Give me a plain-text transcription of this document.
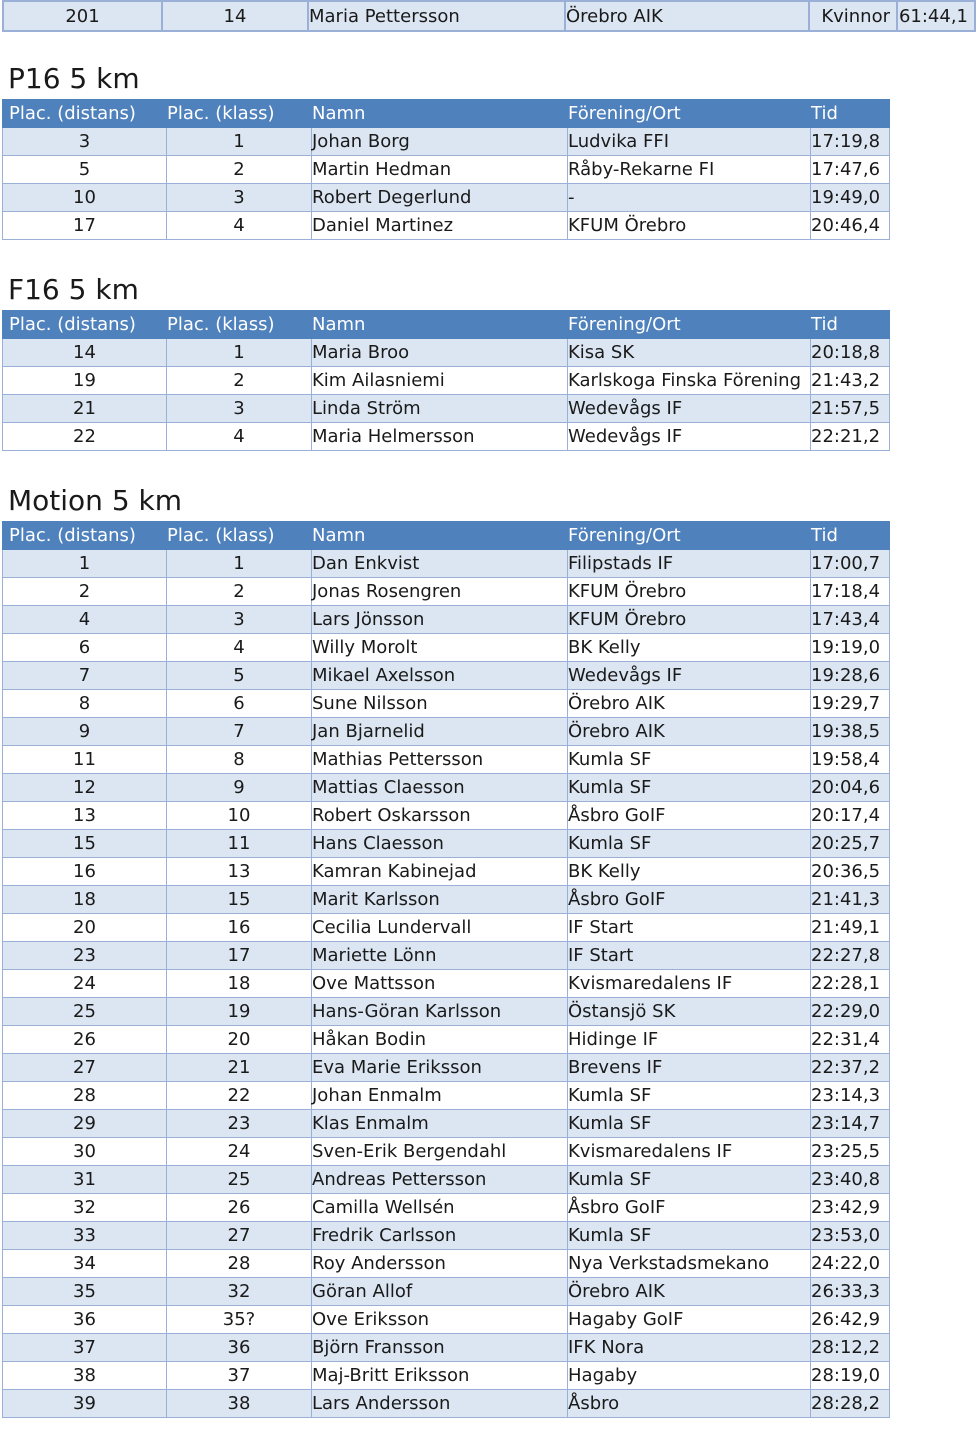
201	14	Maria Pettersson	Örebro AIK	Kvinnor	61:44,1
P16 5 km
Plac. (distans)	Plac. (klass)	Namn	Förening/Ort	Tid
3	1	Johan Borg	Ludvika FFI	17:19,8
5	2	Martin Hedman	Råby-Rekarne FI	17:47,6
10	3	Robert Degerlund	-	19:49,0
17	4	Daniel Martinez	KFUM Örebro	20:46,4
F16 5 km
Plac. (distans)	Plac. (klass)	Namn	Förening/Ort	Tid
14	1	Maria Broo	Kisa SK	20:18,8
19	2	Kim Ailasniemi	Karlskoga Finska Förening	21:43,2
21	3	Linda Ström	Wedevågs IF	21:57,5
22	4	Maria Helmersson	Wedevågs IF	22:21,2
Motion 5 km
Plac. (distans)	Plac. (klass)	Namn	Förening/Ort	Tid
1	1	Dan Enkvist	Filipstads IF	17:00,7
2	2	Jonas Rosengren	KFUM Örebro	17:18,4
4	3	Lars Jönsson	KFUM Örebro	17:43,4
6	4	Willy Morolt	BK Kelly	19:19,0
7	5	Mikael Axelsson	Wedevågs IF	19:28,6
8	6	Sune Nilsson	Örebro AIK	19:29,7
9	7	Jan Bjarnelid	Örebro AIK	19:38,5
11	8	Mathias Pettersson	Kumla SF	19:58,4
12	9	Mattias Claesson	Kumla SF	20:04,6
13	10	Robert Oskarsson	Åsbro GoIF	20:17,4
15	11	Hans Claesson	Kumla SF	20:25,7
16	13	Kamran Kabinejad	BK Kelly	20:36,5
18	15	Marit Karlsson	Åsbro GoIF	21:41,3
20	16	Cecilia Lundervall	IF Start	21:49,1
23	17	Mariette Lönn	IF Start	22:27,8
24	18	Ove Mattsson	Kvismaredalens IF	22:28,1
25	19	Hans-Göran Karlsson	Östansjö SK	22:29,0
26	20	Håkan Bodin	Hidinge IF	22:31,4
27	21	Eva Marie Eriksson	Brevens IF	22:37,2
28	22	Johan Enmalm	Kumla SF	23:14,3
29	23	Klas Enmalm	Kumla SF	23:14,7
30	24	Sven-Erik Bergendahl	Kvismaredalens IF	23:25,5
31	25	Andreas Pettersson	Kumla SF	23:40,8
32	26	Camilla Wellsén	Åsbro GoIF	23:42,9
33	27	Fredrik Carlsson	Kumla SF	23:53,0
34	28	Roy Andersson	Nya Verkstadsmekano	24:22,0
35	32	Göran Allof	Örebro AIK	26:33,3
36	35?	Ove Eriksson	Hagaby GoIF	26:42,9
37	36	Björn Fransson	IFK Nora	28:12,2
38	37	Maj-Britt Eriksson	Hagaby	28:19,0
39	38	Lars Andersson	Åsbro	28:28,2
